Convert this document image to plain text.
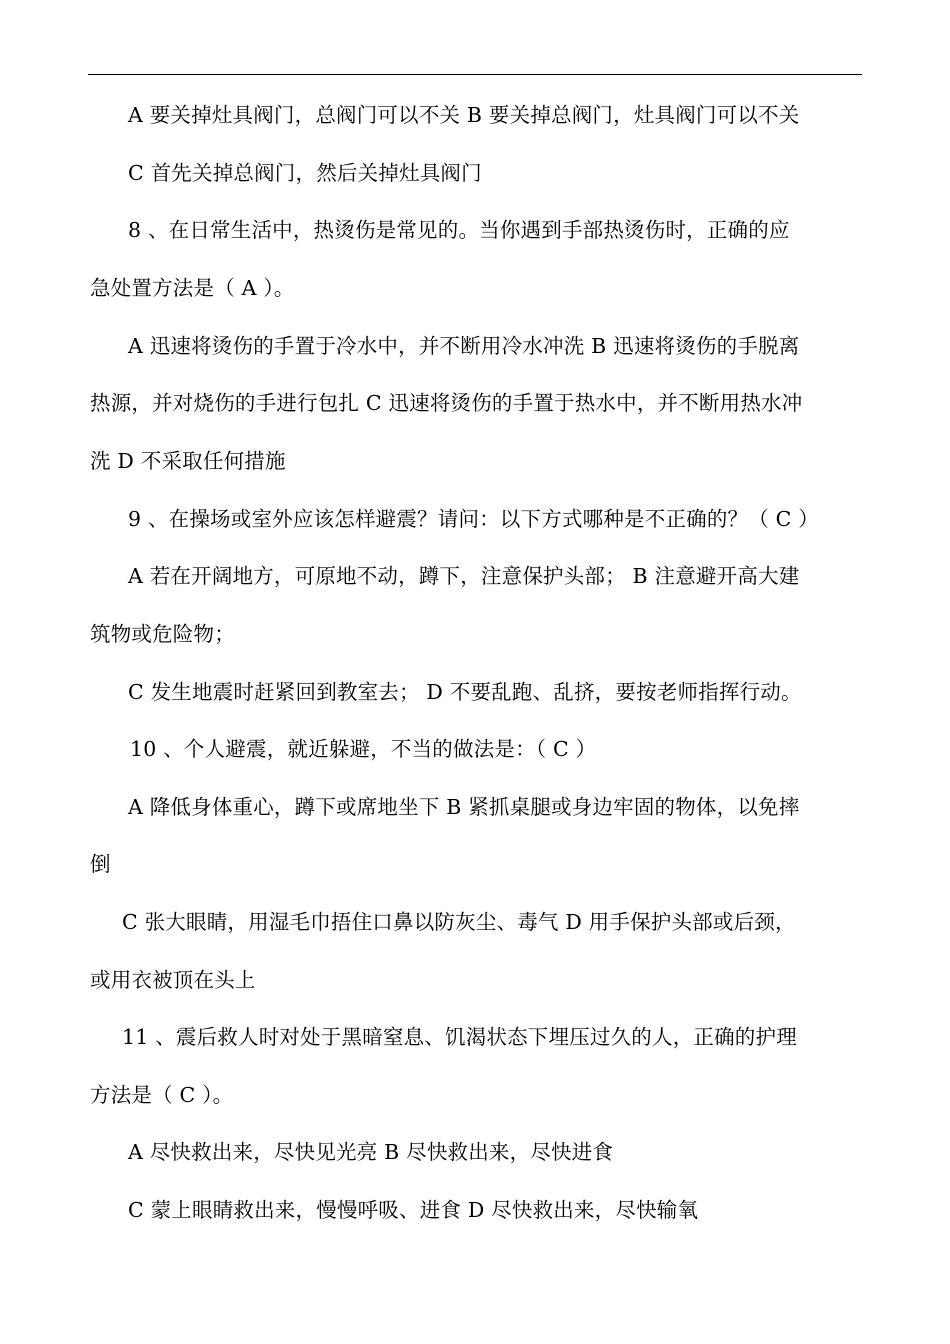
A 要关掉灶具阀门，总阀门可以不关 B 要关掉总阀门，灶具阀门可以不关
C 首先关掉总阀门，然后关掉灶具阀门
8 、在日常生活中，热烫伤是常见的。当你遇到手部热烫伤时，正确的应
急处置方法是（ A ）。
A 迅速将烫伤的手置于冷水中，并不断用冷水冲洗 B 迅速将烫伤的手脱离
热源，并对烧伤的手进行包扎 C 迅速将烫伤的手置于热水中，并不断用热水冲
洗 D 不采取任何措施
9 、在操场或室外应该怎样避震？请问：以下方式哪种是不正确的？（ C ）
A 若在开阔地方，可原地不动，蹲下，注意保护头部； B 注意避开高大建
筑物或危险物；
C 发生地震时赶紧回到教室去； D 不要乱跑、乱挤，要按老师指挥行动。
10 、个人避震，就近躲避，不当的做法是：（ C ）
A 降低身体重心，蹲下或席地坐下 B 紧抓桌腿或身边牢固的物体，以免摔
倒
C 张大眼睛，用湿毛巾捂住口鼻以防灰尘、毒气 D 用手保护头部或后颈，
或用衣被顶在头上
11 、震后救人时对处于黑暗窒息、饥渴状态下埋压过久的人，正确的护理
方法是（ C ）。
A 尽快救出来，尽快见光亮 B 尽快救出来，尽快进食
C 蒙上眼睛救出来，慢慢呼吸、进食 D 尽快救出来，尽快输氧
